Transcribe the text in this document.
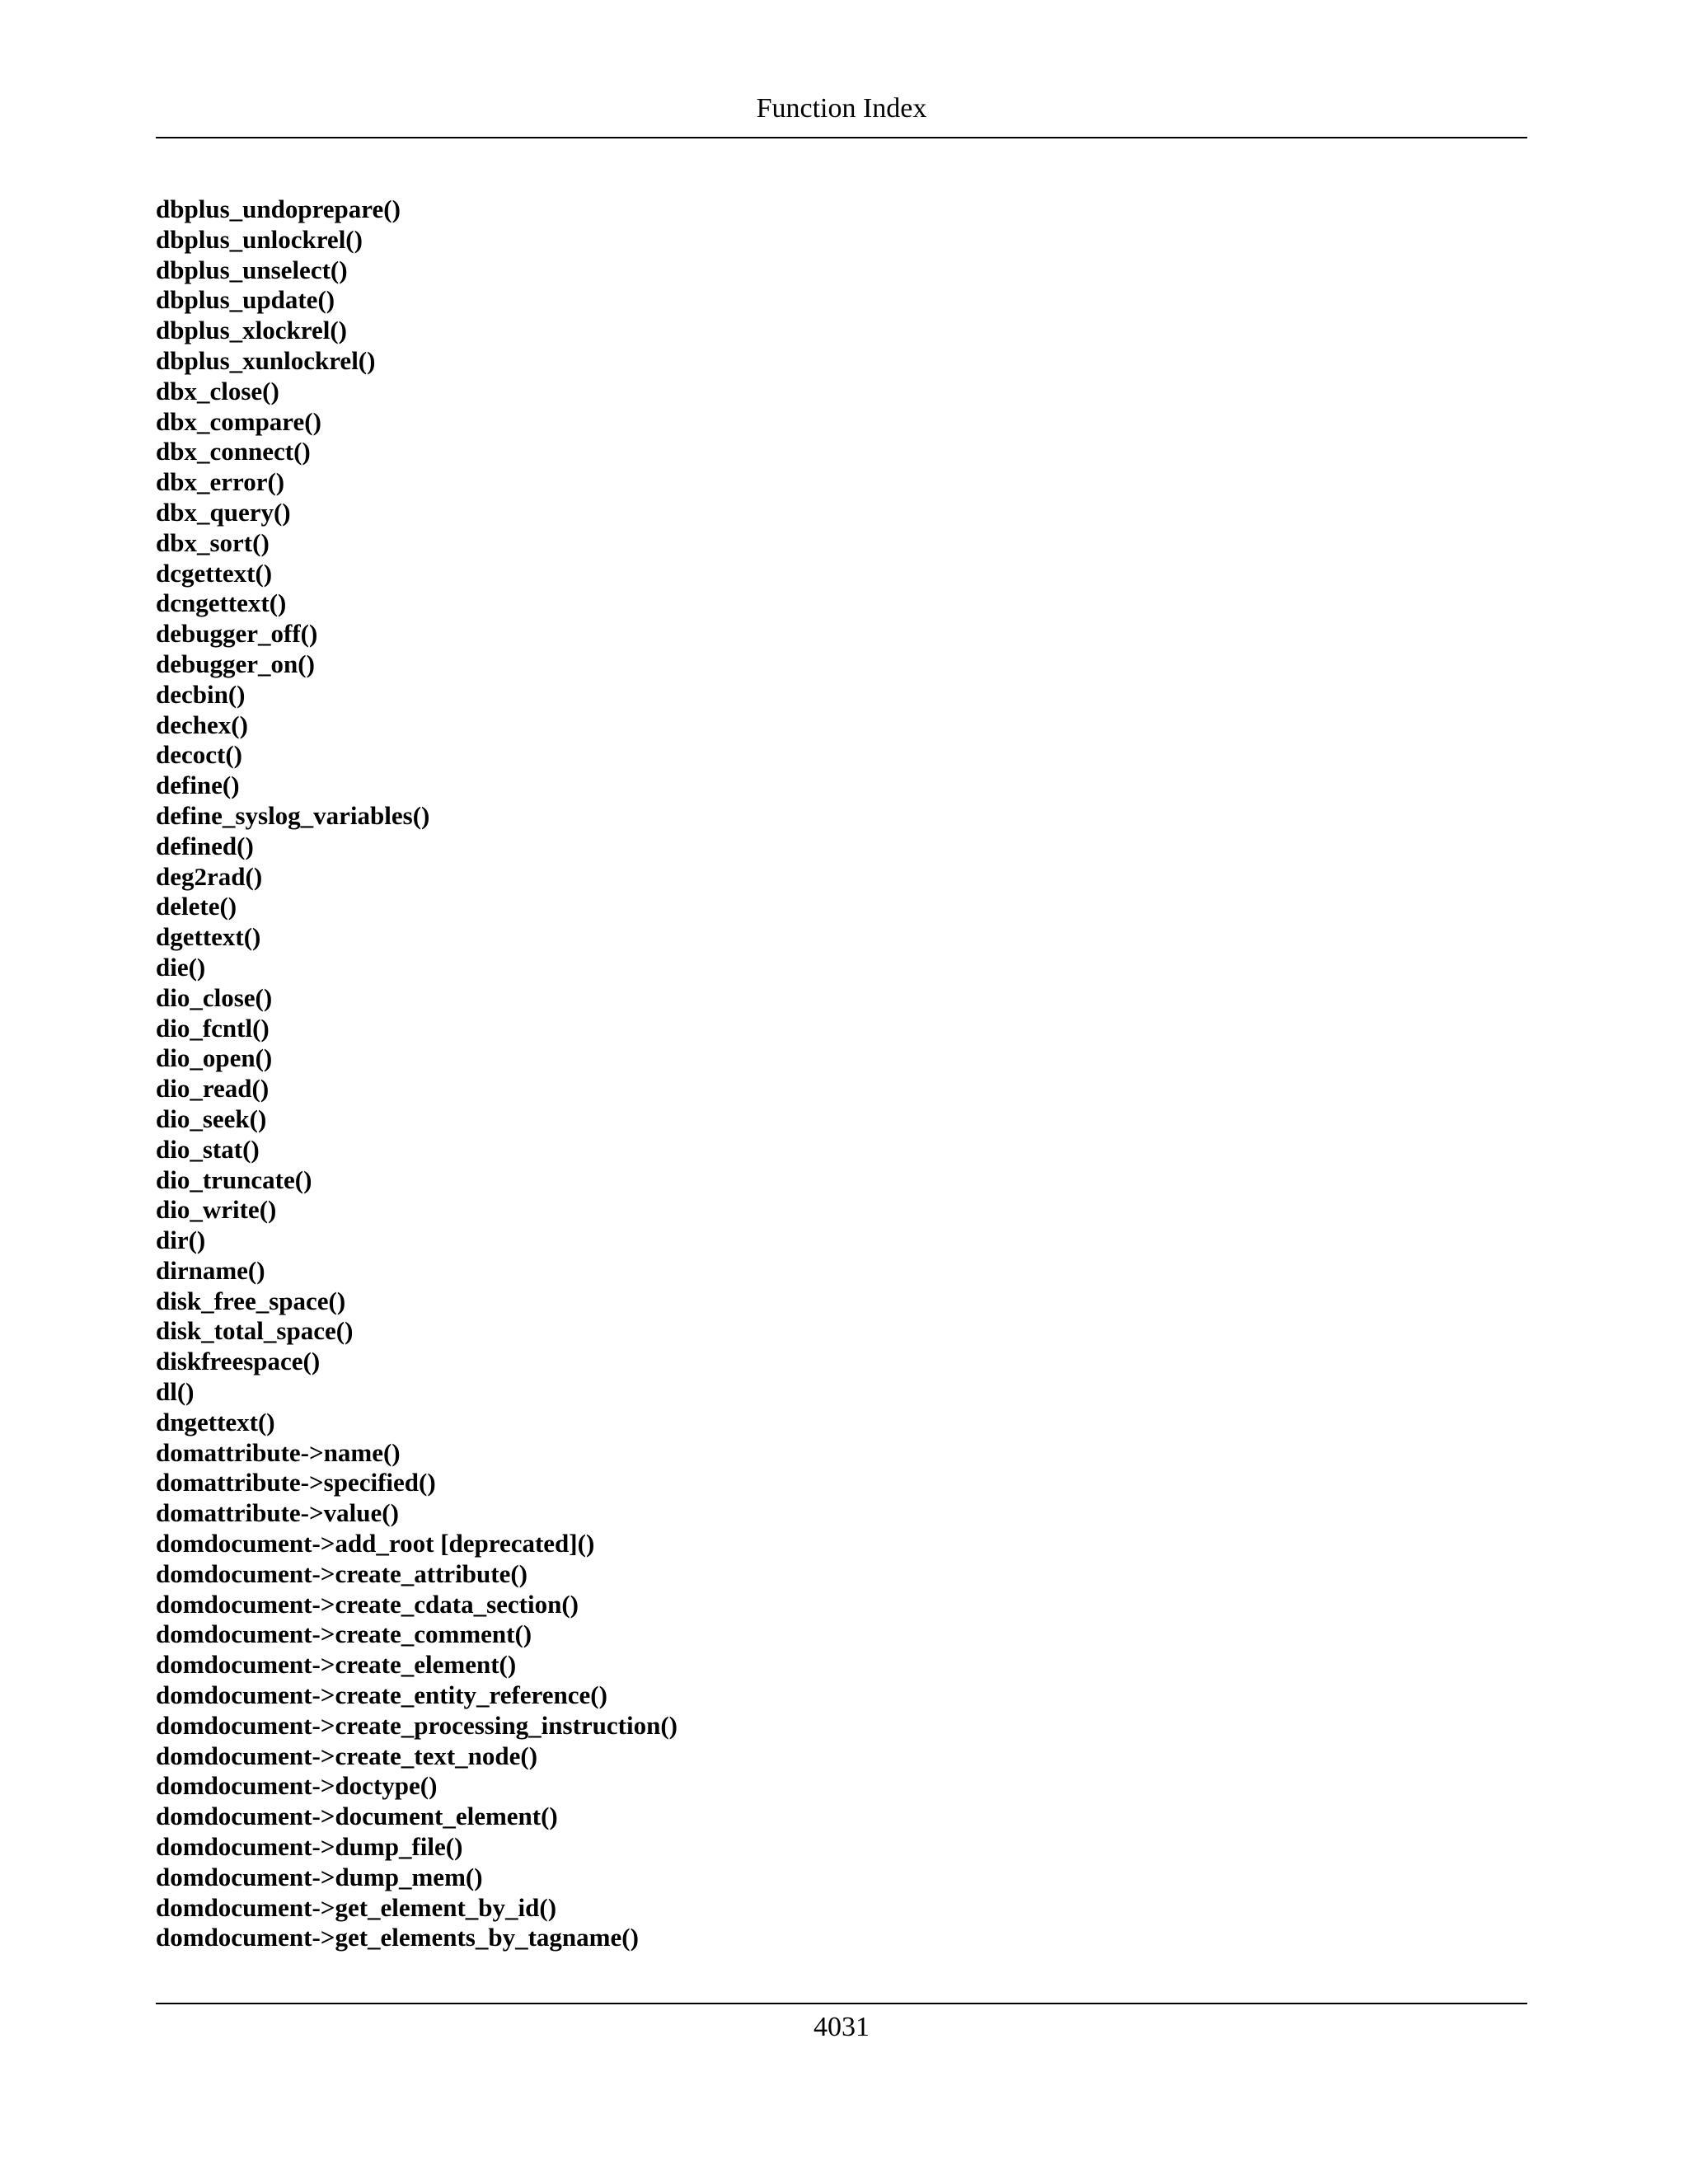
Function Index
dbplus_undoprepare()
dbplus_unlockrel()
dbplus_unselect()
dbplus_update()
dbplus_xlockrel()
dbplus_xunlockrel()
dbx_close()
dbx_compare()
dbx_connect()
dbx_error()
dbx_query()
dbx_sort()
dcgettext()
dcngettext()
debugger_off()
debugger_on()
decbin()
dechex()
decoct()
define()
define_syslog_variables()
defined()
deg2rad()
delete()
dgettext()
die()
dio_close()
dio_fcntl()
dio_open()
dio_read()
dio_seek()
dio_stat()
dio_truncate()
dio_write()
dir()
dirname()
disk_free_space()
disk_total_space()
diskfreespace()
dl()
dngettext()
domattribute->name()
domattribute->specified()
domattribute->value()
domdocument->add_root [deprecated]()
domdocument->create_attribute()
domdocument->create_cdata_section()
domdocument->create_comment()
domdocument->create_element()
domdocument->create_entity_reference()
domdocument->create_processing_instruction()
domdocument->create_text_node()
domdocument->doctype()
domdocument->document_element()
domdocument->dump_file()
domdocument->dump_mem()
domdocument->get_element_by_id()
domdocument->get_elements_by_tagname()
4031
